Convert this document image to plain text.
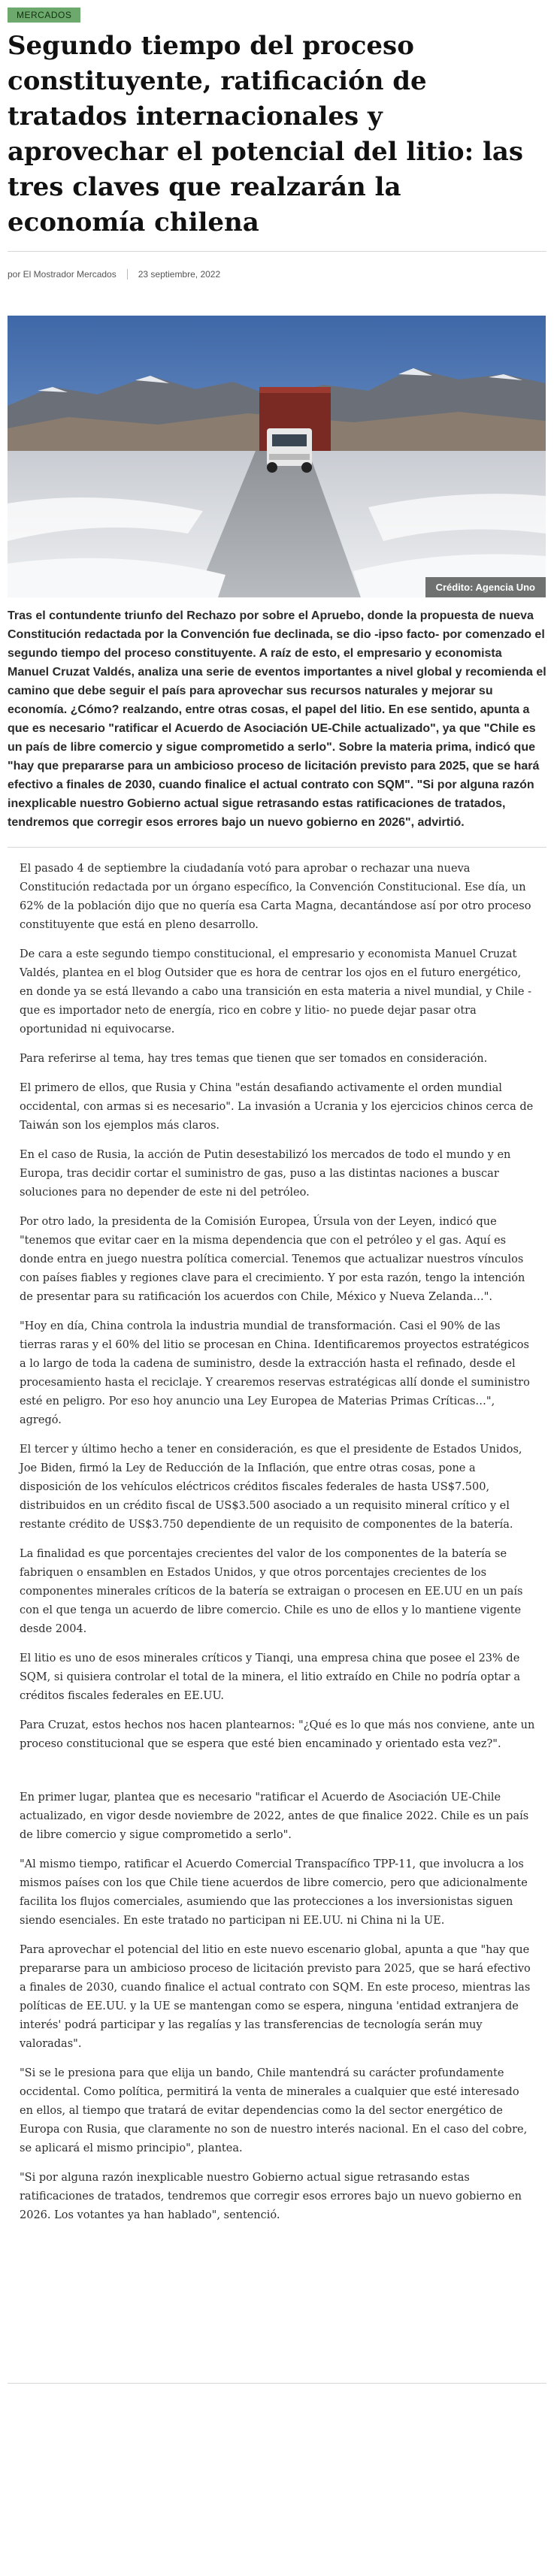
MERCADOS
Segundo tiempo del proceso constituyente, ratificación de tratados internacionales y aprovechar el potencial del litio: las tres claves que realzarán la economía chilena
por El Mostrador Mercados 23 septiembre, 2022
Crédito: Agencia Uno

Tras el contundente triunfo del Rechazo por sobre el Apruebo, donde la propuesta de nueva Constitución redactada por la Convención fue declinada, se dio -ipso facto- por comenzado el segundo tiempo del proceso constituyente. A raíz de esto, el empresario y economista Manuel Cruzat Valdés, analiza una serie de eventos importantes a nivel global y recomienda el camino que debe seguir el país para aprovechar sus recursos naturales y mejorar su economía. ¿Cómo? realzando, entre otras cosas, el papel del litio. En ese sentido, apunta a que es necesario "ratificar el Acuerdo de Asociación UE-Chile actualizado", ya que "Chile es un país de libre comercio y sigue comprometido a serlo". Sobre la materia prima, indicó que "hay que prepararse para un ambicioso proceso de licitación previsto para 2025, que se hará efectivo a finales de 2030, cuando finalice el actual contrato con SQM". "Si por alguna razón inexplicable nuestro Gobierno actual sigue retrasando estas ratificaciones de tratados, tendremos que corregir esos errores bajo un nuevo gobierno en 2026", advirtió.

El pasado 4 de septiembre la ciudadanía votó para aprobar o rechazar una nueva Constitución redactada por un órgano específico, la Convención Constitucional. Ese día, un 62% de la población dijo que no quería esa Carta Magna, decantándose así por otro proceso constituyente que está en pleno desarrollo.

De cara a este segundo tiempo constitucional, el empresario y economista Manuel Cruzat Valdés, plantea en el blog Outsider que es hora de centrar los ojos en el futuro energético, en donde ya se está llevando a cabo una transición en esta materia a nivel mundial, y Chile -que es importador neto de energía, rico en cobre y litio- no puede dejar pasar otra oportunidad ni equivocarse.

Para referirse al tema, hay tres temas que tienen que ser tomados en consideración.

El primero de ellos, que Rusia y China "están desafiando activamente el orden mundial occidental, con armas si es necesario". La invasión a Ucrania y los ejercicios chinos cerca de Taiwán son los ejemplos más claros.

En el caso de Rusia, la acción de Putin desestabilizó los mercados de todo el mundo y en Europa, tras decidir cortar el suministro de gas, puso a las distintas naciones a buscar soluciones para no depender de este ni del petróleo.

Por otro lado, la presidenta de la Comisión Europea, Úrsula von der Leyen, indicó que "tenemos que evitar caer en la misma dependencia que con el petróleo y el gas. Aquí es donde entra en juego nuestra política comercial. Tenemos que actualizar nuestros vínculos con países fiables y regiones clave para el crecimiento. Y por esta razón, tengo la intención de presentar para su ratificación los acuerdos con Chile, México y Nueva Zelanda…".

"Hoy en día, China controla la industria mundial de transformación. Casi el 90% de las tierras raras y el 60% del litio se procesan en China. Identificaremos proyectos estratégicos a lo largo de toda la cadena de suministro, desde la extracción hasta el refinado, desde el procesamiento hasta el reciclaje. Y crearemos reservas estratégicas allí donde el suministro esté en peligro. Por eso hoy anuncio una Ley Europea de Materias Primas Críticas…", agregó.

El tercer y último hecho a tener en consideración, es que el presidente de Estados Unidos, Joe Biden, firmó la Ley de Reducción de la Inflación, que entre otras cosas, pone a disposición de los vehículos eléctricos créditos fiscales federales de hasta US$7.500, distribuidos en un crédito fiscal de US$3.500 asociado a un requisito mineral crítico y el restante crédito de US$3.750 dependiente de un requisito de componentes de la batería.

La finalidad es que porcentajes crecientes del valor de los componentes de la batería se fabriquen o ensamblen en Estados Unidos, y que otros porcentajes crecientes de los componentes minerales críticos de la batería se extraigan o procesen en EE.UU en un país con el que tenga un acuerdo de libre comercio. Chile es uno de ellos y lo mantiene vigente desde 2004.

El litio es uno de esos minerales críticos y Tianqi, una empresa china que posee el 23% de SQM, si quisiera controlar el total de la minera, el litio extraído en Chile no podría optar a créditos fiscales federales en EE.UU.

Para Cruzat, estos hechos nos hacen plantearnos: "¿Qué es lo que más nos conviene, ante un proceso constitucional que se espera que esté bien encaminado y orientado esta vez?".

En primer lugar, plantea que es necesario "ratificar el Acuerdo de Asociación UE-Chile actualizado, en vigor desde noviembre de 2022, antes de que finalice 2022. Chile es un país de libre comercio y sigue comprometido a serlo".

"Al mismo tiempo, ratificar el Acuerdo Comercial Transpacífico TPP-11, que involucra a los mismos países con los que Chile tiene acuerdos de libre comercio, pero que adicionalmente facilita los flujos comerciales, asumiendo que las protecciones a los inversionistas siguen siendo esenciales. En este tratado no participan ni EE.UU. ni China ni la UE.

Para aprovechar el potencial del litio en este nuevo escenario global, apunta a que "hay que prepararse para un ambicioso proceso de licitación previsto para 2025, que se hará efectivo a finales de 2030, cuando finalice el actual contrato con SQM. En este proceso, mientras las políticas de EE.UU. y la UE se mantengan como se espera, ninguna 'entidad extranjera de interés' podrá participar y las regalías y las transferencias de tecnología serán muy valoradas".

"Si se le presiona para que elija un bando, Chile mantendrá su carácter profundamente occidental. Como política, permitirá la venta de minerales a cualquier que esté interesado en ellos, al tiempo que tratará de evitar dependencias como la del sector energético de Europa con Rusia, que claramente no son de nuestro interés nacional. En el caso del cobre, se aplicará el mismo principio", plantea.

"Si por alguna razón inexplicable nuestro Gobierno actual sigue retrasando estas ratificaciones de tratados, tendremos que corregir esos errores bajo un nuevo gobierno en 2026. Los votantes ya han hablado", sentenció.
